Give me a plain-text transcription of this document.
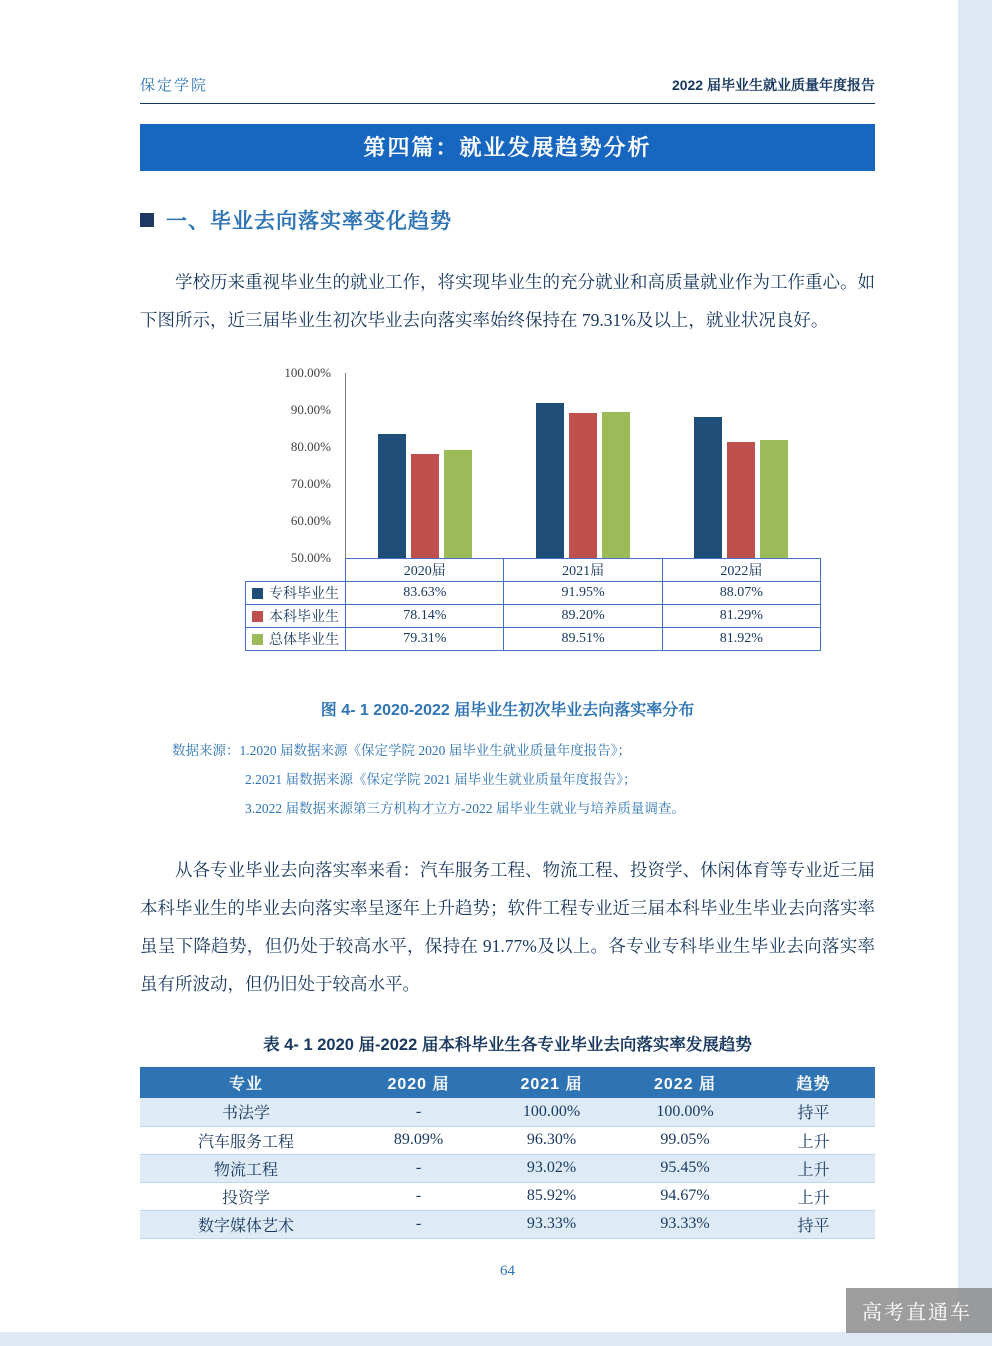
保定学院	2022 届毕业生就业质量年度报告
第四篇：就业发展趋势分析
一、毕业去向落实率变化趋势

学校历来重视毕业生的就业工作，将实现毕业生的充分就业和高质量就业作为工作重心。如下图所示，近三届毕业生初次毕业去向落实率始终保持在 79.31%及以上，就业状况良好。

100.00%
90.00%
80.00%
70.00%
60.00%
50.00%
	2020届	2021届	2022届
专科毕业生	83.63%	91.95%	88.07%
本科毕业生	78.14%	89.20%	81.29%
总体毕业生	79.31%	89.51%	81.92%
图 4- 1 2020-2022 届毕业生初次毕业去向落实率分布
数据来源：1.2020 届数据来源《保定学院 2020 届毕业生就业质量年度报告》；
2.2021 届数据来源《保定学院 2021 届毕业生就业质量年度报告》；
3.2022 届数据来源第三方机构才立方-2022 届毕业生就业与培养质量调查。

从各专业毕业去向落实率来看：汽车服务工程、物流工程、投资学、休闲体育等专业近三届本科毕业生的毕业去向落实率呈逐年上升趋势；软件工程专业近三届本科毕业生毕业去向落实率虽呈下降趋势，但仍处于较高水平，保持在 91.77%及以上。各专业专科毕业生毕业去向落实率虽有所波动，但仍旧处于较高水平。

表 4- 1 2020 届-2022 届本科毕业生各专业毕业去向落实率发展趋势
专业	2020 届	2021 届	2022 届	趋势
书法学	-	100.00%	100.00%	持平
汽车服务工程	89.09%	96.30%	99.05%	上升
物流工程	-	93.02%	95.45%	上升
投资学	-	85.92%	94.67%	上升
数字媒体艺术	-	93.33%	93.33%	持平
64
高考直通车
